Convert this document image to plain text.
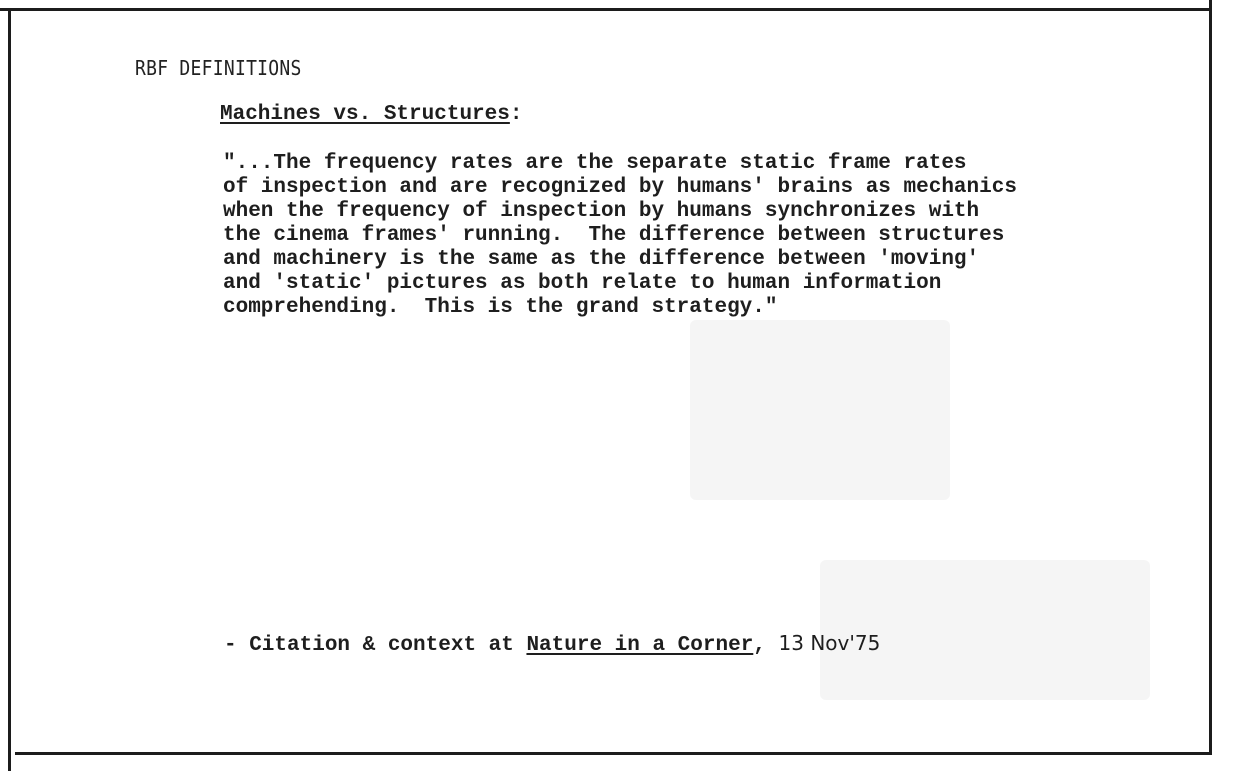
RBF DEFINITIONS
Machines vs. Structures:
"...The frequency rates are the separate static frame rates
of inspection and are recognized by humans' brains as mechanics
when the frequency of inspection by humans synchronizes with
the cinema frames' running.  The difference between structures
and machinery is the same as the difference between 'moving'
and 'static' pictures as both relate to human information
comprehending.  This is the grand strategy."
- Citation & context at Nature in a Corner, 13 Nov'75
